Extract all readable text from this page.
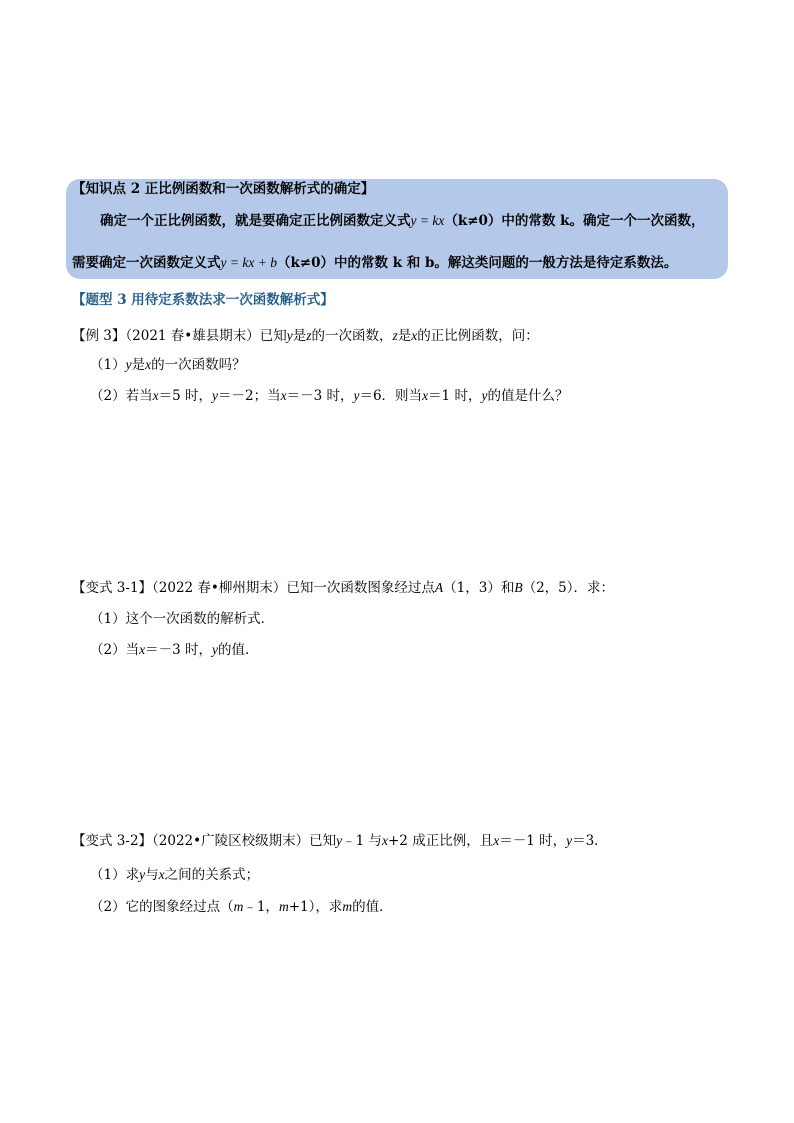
【知识点 2 正比例函数和一次函数解析式的确定】
确定一个正比例函数，就是要确定正比例函数定义式y = kx（k≠0）中的常数 k。确定一个一次函数，
需要确定一次函数定义式y = kx + b（k≠0）中的常数 k 和 b。解这类问题的一般方法是待定系数法。
【题型 3 用待定系数法求一次函数解析式】
【例 3】（2021 春•雄县期末）已知y是z的一次函数，z是x的正比例函数，问：
（1）y是x的一次函数吗？
（2）若当x＝5 时，y＝－2；当x＝－3 时，y＝6．则当x＝1 时，y的值是什么？
【变式 3-1】（2022 春•柳州期末）已知一次函数图象经过点A（1，3）和B（2，5）．求：
（1）这个一次函数的解析式．
（2）当x＝－3 时，y的值．
【变式 3-2】（2022•广陵区校级期末）已知y﹣1 与x+2 成正比例，且x＝－1 时，y＝3．
（1）求y与x之间的关系式；
（2）它的图象经过点（m﹣1，m+1），求m的值．
